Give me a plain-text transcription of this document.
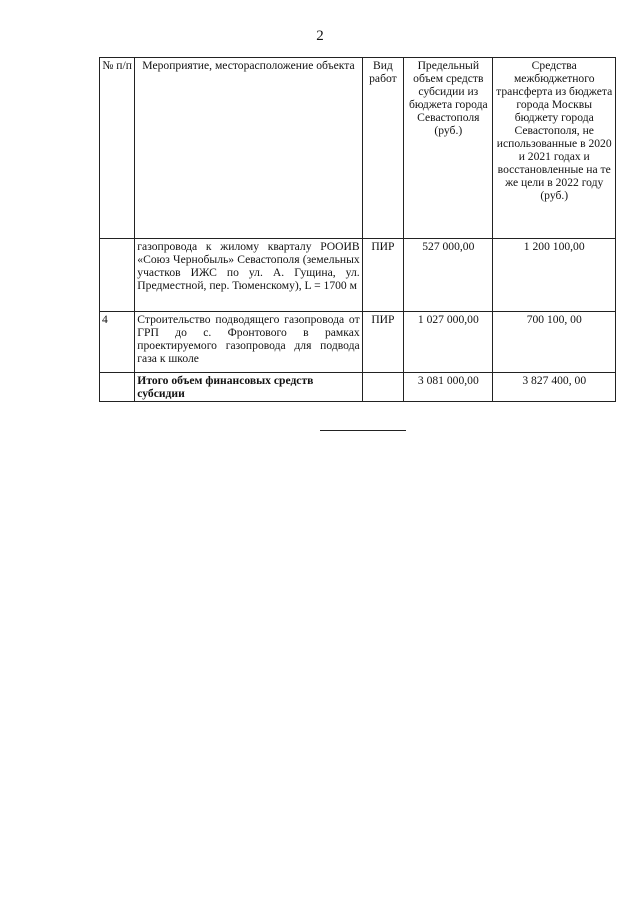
2
№ п/п	Мероприятие, месторасположение объекта	Вид работ	Предельный объем средств субсидии из бюджета города Севастополя (руб.)	Средства межбюджетного трансферта из бюджета города Москвы бюджету города Севастополя, не использованные в 2020 и 2021 годах и восстановленные на те же цели в 2022 году (руб.)
	газопровода к жилому кварталу РООИВ «Союз Чернобыль» Севастополя (земельных участков ИЖС по ул. А. Гущина, ул. Предместной, пер. Тюменскому), L = 1700 м	ПИР	527 000,00	1 200 100,00
4	Строительство подводящего газопровода от ГРП до с. Фронтового в рамках проектируемого газопровода для подвода газа к школе	ПИР	1 027 000,00	700 100, 00
	Итого объем финансовых средств субсидии		3 081 000,00	3 827 400, 00
